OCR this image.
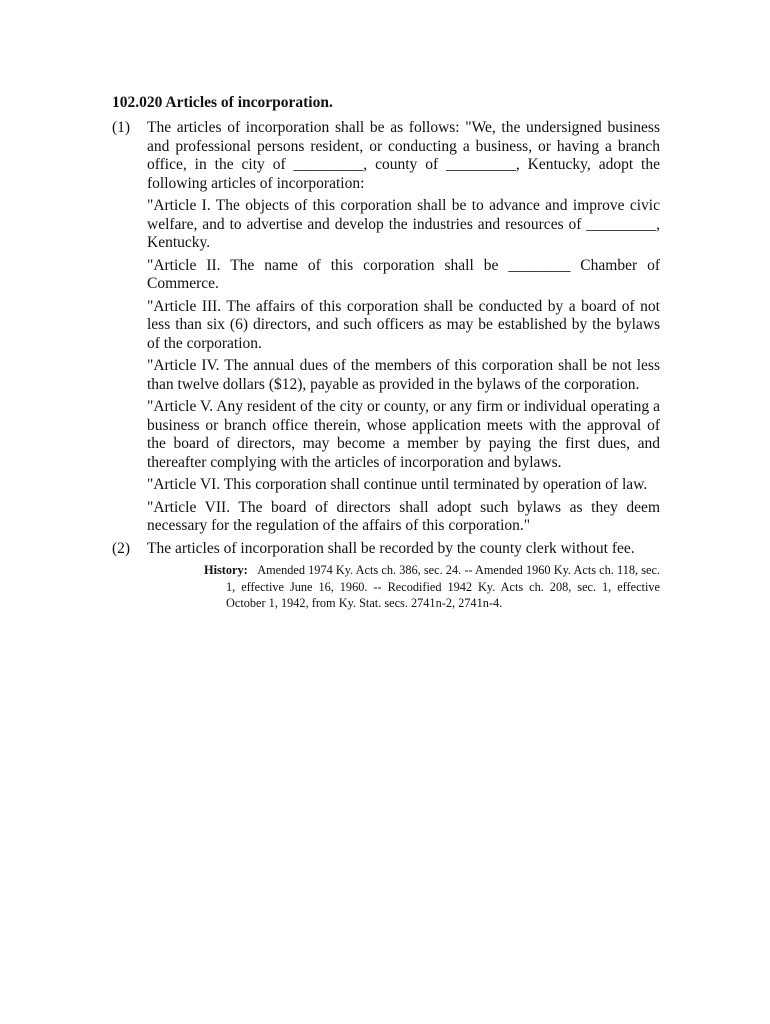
102.020 Articles of incorporation.
(1) The articles of incorporation shall be as follows: "We, the undersigned business and professional persons resident, or conducting a business, or having a branch office, in the city of _________, county of _________, Kentucky, adopt the following articles of incorporation:
"Article I. The objects of this corporation shall be to advance and improve civic welfare, and to advertise and develop the industries and resources of _________, Kentucky.
"Article II. The name of this corporation shall be ________ Chamber of Commerce.
"Article III. The affairs of this corporation shall be conducted by a board of not less than six (6) directors, and such officers as may be established by the bylaws of the corporation.
"Article IV. The annual dues of the members of this corporation shall be not less than twelve dollars ($12), payable as provided in the bylaws of the corporation.
"Article V. Any resident of the city or county, or any firm or individual operating a business or branch office therein, whose application meets with the approval of the board of directors, may become a member by paying the first dues, and thereafter complying with the articles of incorporation and bylaws.
"Article VI. This corporation shall continue until terminated by operation of law.
"Article VII. The board of directors shall adopt such bylaws as they deem necessary for the regulation of the affairs of this corporation."
(2) The articles of incorporation shall be recorded by the county clerk without fee.
History: Amended 1974 Ky. Acts ch. 386, sec. 24. -- Amended 1960 Ky. Acts ch. 118, sec. 1, effective June 16, 1960. -- Recodified 1942 Ky. Acts ch. 208, sec. 1, effective October 1, 1942, from Ky. Stat. secs. 2741n-2, 2741n-4.
